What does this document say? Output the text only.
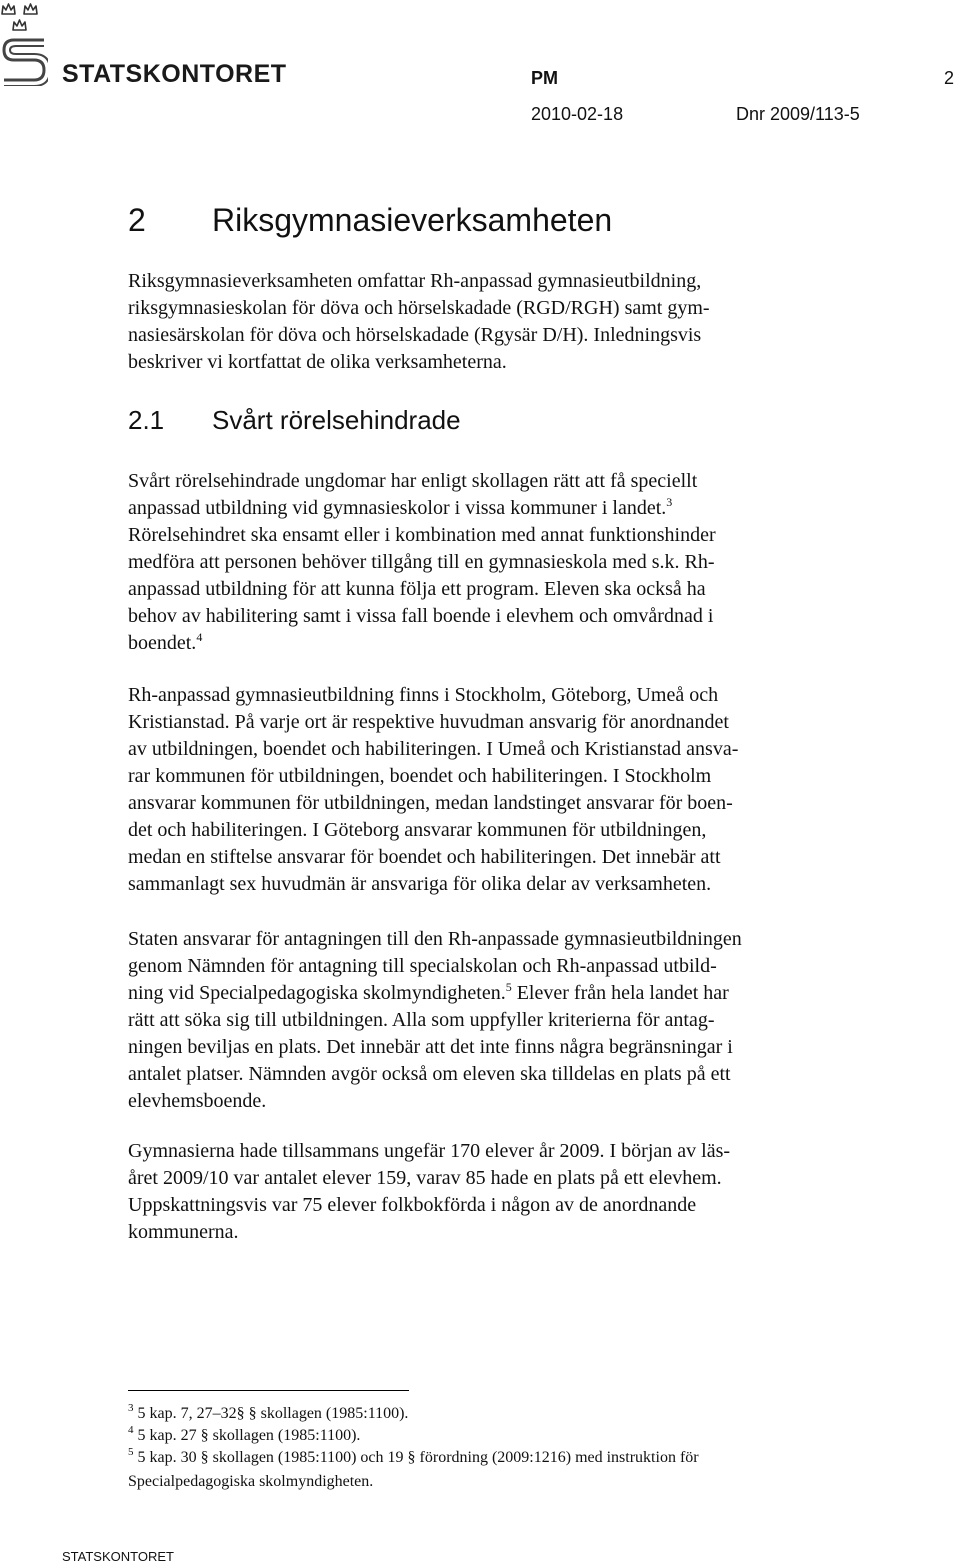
STATSKONTORET	PM	2
2010-02-18	Dnr 2009/113-5
2 Riksgymnasieverksamheten
Riksgymnasieverksamheten omfattar Rh-anpassad gymnasieutbildning,
riksgymnasieskolan för döva och hörselskadade (RGD/RGH) samt gym-
nasiesärskolan för döva och hörselskadade (Rgysär D/H). Inledningsvis
beskriver vi kortfattat de olika verksamheterna.
2.1 Svårt rörelsehindrade
Svårt rörelsehindrade ungdomar har enligt skollagen rätt att få speciellt
anpassad utbildning vid gymnasieskolor i vissa kommuner i landet.$^3$
Rörelsehindret ska ensamt eller i kombination med annat funktionshinder
medföra att personen behöver tillgång till en gymnasieskola med s.k. Rh-
anpassad utbildning för att kunna följa ett program. Eleven ska också ha
behov av habilitering samt i vissa fall boende i elevhem och omvårdnad i
boendet.$^4$
Rh-anpassad gymnasieutbildning finns i Stockholm, Göteborg, Umeå och
Kristianstad. På varje ort är respektive huvudman ansvarig för anordnandet
av utbildningen, boendet och habiliteringen. I Umeå och Kristianstad ansva-
rar kommunen för utbildningen, boendet och habiliteringen. I Stockholm
ansvarar kommunen för utbildningen, medan landstinget ansvarar för boen-
det och habiliteringen. I Göteborg ansvarar kommunen för utbildningen,
medan en stiftelse ansvarar för boendet och habiliteringen. Det innebär att
sammanlagt sex huvudmän är ansvariga för olika delar av verksamheten.
Staten ansvarar för antagningen till den Rh-anpassade gymnasieutbildningen
genom Nämnden för antagning till specialskolan och Rh-anpassad utbild-
ning vid Specialpedagogiska skolmyndigheten.$^5$ Elever från hela landet har
rätt att söka sig till utbildningen. Alla som uppfyller kriterierna för antag-
ningen beviljas en plats. Det innebär att det inte finns några begränsningar i
antalet platser. Nämnden avgör också om eleven ska tilldelas en plats på ett
elevhemsboende.
Gymnasierna hade tillsammans ungefär 170 elever år 2009. I början av läs-
året 2009/10 var antalet elever 159, varav 85 hade en plats på ett elevhem.
Uppskattningsvis var 75 elever folkbokförda i någon av de anordnande
kommunerna.
$^3$ 5 kap. 7, 27–32§ § skollagen (1985:1100).
$^4$ 5 kap. 27 § skollagen (1985:1100).
$^5$ 5 kap. 30 § skollagen (1985:1100) och 19 § förordning (2009:1216) med instruktion för
Specialpedagogiska skolmyndigheten.
STATSKONTORET
